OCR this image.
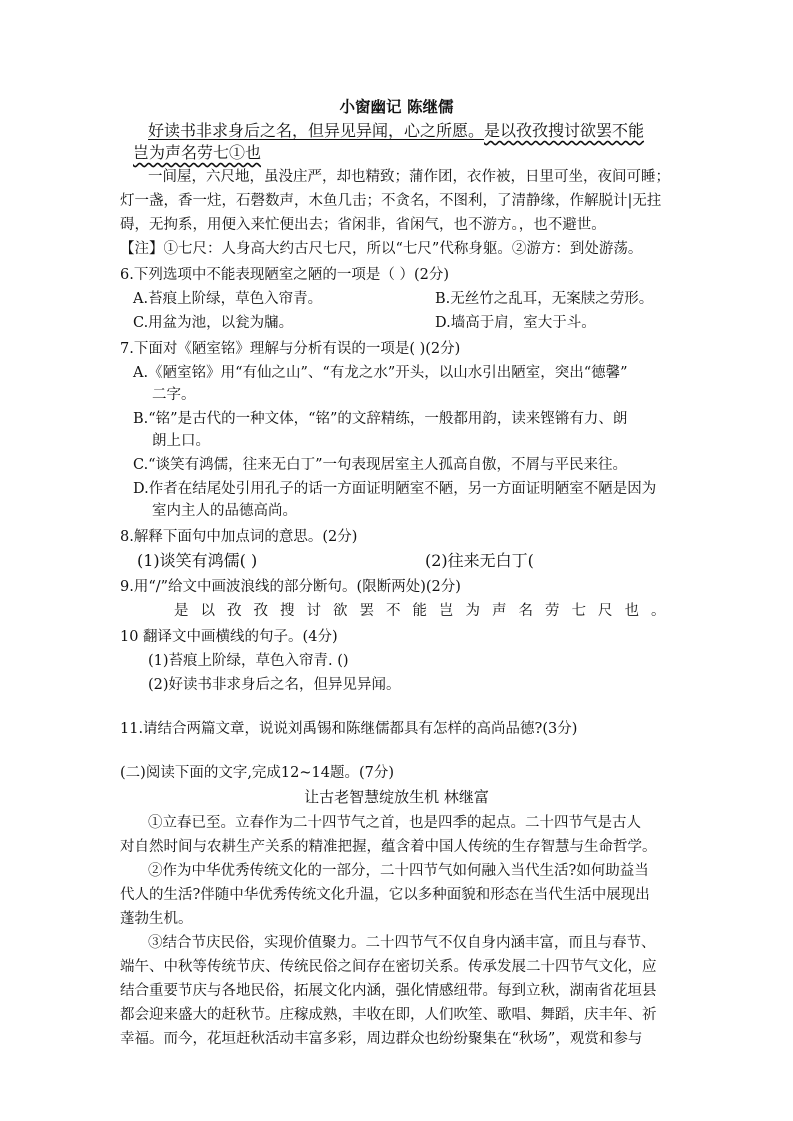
小窗幽记 陈继儒
好读书非求身后之名，但异见异闻，心之所愿。是以孜孜搜讨欲罢不能
岂为声名劳七①也
一间屋，六尺地，虽没庄严，却也精致；蒲作团，衣作被，日里可坐，夜间可睡；
灯一盏，香一炷，石磬数声，木鱼几击；不贪名，不图利，了清静缘，作解脱计|无拄
碍，无拘系，用便入来忙便出去；省闲非，省闲气，也不游方。，也不避世。
【注】①七尺：人身高大约古尺七尺，所以“七尺”代称身躯。②游方：到处游荡。
6.下列选项中不能表现陋室之陋的一项是（ ）(2分)
A.苔痕上阶绿，草色入帘青。	B.无丝竹之乱耳，无案牍之劳形。
C.用盆为池，以瓮为牖。	D.墙高于肩，室大于斗。
7.下面对《陋室铭》理解与分析有误的一项是( )(2分)
A.《陋室铭》用“有仙之山”、“有龙之水”开头，以山水引出陋室，突出“德馨”
二字。
B.“铭”是古代的一种文体，“铭”的文辞精练，一般都用韵，读来铿锵有力、朗
朗上口。
C.“谈笑有鸿儒，往来无白丁”一句表现居室主人孤高自傲，不屑与平民来往。
D.作者在结尾处引用孔子的话一方面证明陋室不陋，另一方面证明陋室不陋是因为
室内主人的品德高尚。
8.解释下面句中加点词的意思。(2分)
(1)谈笑有鸿儒( )	(2)往来无白丁(
9.用“/”给文中画波浪线的部分断句。(限断两处)(2分)
是以孜孜搜讨欲罢不能岂为声名劳七尺也。
10 翻译文中画横线的句子。(4分)
(1)苔痕上阶绿，草色入帘青. ()
(2)好读书非求身后之名，但异见异闻。
11.请结合两篇文章，说说刘禹锡和陈继儒都具有怎样的高尚品德?(3分)
(二)阅读下面的文字,完成12~14题。(7分)
让古老智慧绽放生机 林继富
①立春已至。立春作为二十四节气之首，也是四季的起点。二十四节气是古人
对自然时间与农耕生产关系的精准把握，蕴含着中国人传统的生存智慧与生命哲学。
②作为中华优秀传统文化的一部分，二十四节气如何融入当代生活?如何助益当
代人的生活?伴随中华优秀传统文化升温，它以多种面貌和形态在当代生活中展现出
蓬勃生机。
③结合节庆民俗，实现价值聚力。二十四节气不仅自身内涵丰富，而且与春节、
端午、中秋等传统节庆、传统民俗之间存在密切关系。传承发展二十四节气文化，应
结合重要节庆与各地民俗，拓展文化内涵，强化情感纽带。每到立秋，湖南省花垣县
都会迎来盛大的赶秋节。庄稼成熟，丰收在即，人们吹笙、歌唱、舞蹈，庆丰年、祈
幸福。而今，花垣赶秋活动丰富多彩，周边群众也纷纷聚集在“秋场”，观赏和参与
